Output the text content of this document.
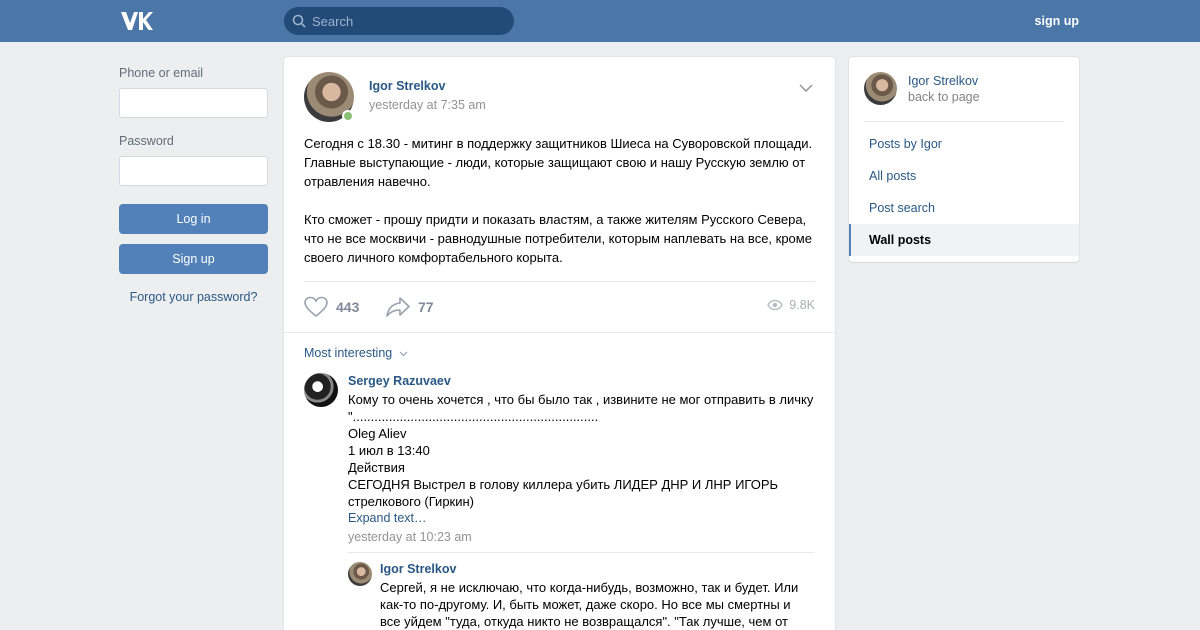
Search	sign up
Phone or email
Password
Log in
Sign up
Forgot your password?
Igor Strelkov
yesterday at 7:35 am
Сегодня с 18.30 - митинг в поддержку защитников Шиеса на Суворовской площади. Главные выступающие - люди, которые защищают свою и нашу Русскую землю от отравления навечно.

Кто сможет - прошу придти и показать властям, а также жителям Русского Севера, что не все москвичи - равнодушные потребители, которым наплевать на все, кроме своего личного комфортабельного корыта.
443	77	9.8K
Most interesting
Sergey Razuvaev
Кому то очень хочется , что бы было так , извините не мог отправить в личку "....................................................................
Oleg Aliev
1 июл в 13:40
Действия
СЕГОДНЯ Выстрел в голову киллера убить ЛИДЕР ДНР И ЛНР ИГОРЬ стрелкового (Гиркин)
Expand text…
yesterday at 10:23 am
Igor Strelkov
Сергей, я не исключаю, что когда-нибудь, возможно, так и будет. Или как-то по-другому. И, быть может, даже скоро. Но все мы смертны и все уйдем "туда, откуда никто не возвращался". "Так лучше, чем от
Igor Strelkov
back to page
Posts by Igor
All posts
Post search
Wall posts
